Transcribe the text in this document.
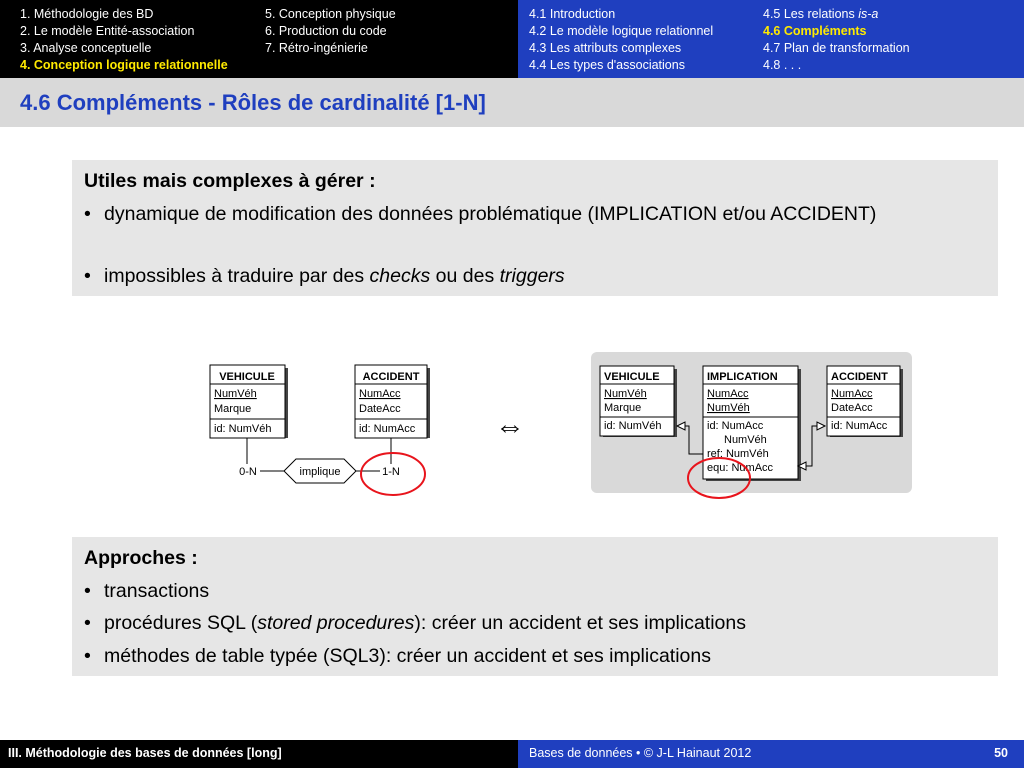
1. Méthodologie des BD
2. Le modèle Entité-association
3. Analyse conceptuelle
4. Conception logique relationnelle
5. Conception physique
6. Production du code
7. Rétro-ingénierie
4.1 Introduction
4.2 Le modèle logique relationnel
4.3 Les attributs complexes
4.4 Les types d'associations
4.5 Les relations is-a
4.6 Compléments
4.7 Plan de transformation
4.8 . . .
4.6 Compléments - Rôles de cardinalité [1-N]
Utiles mais complexes à gérer :
• dynamique de modification des données problématique (IMPLICATION et/ou ACCIDENT)
• impossibles à traduire par des checks ou des triggers
VEHICULE
NumVéh
Marque
id: NumVéh
ACCIDENT
NumAcc
DateAcc
id: NumAcc
implique
0-N	1-N
⇔
VEHICULE
NumVéh
Marque
id: NumVéh
IMPLICATION
NumAcc
NumVéh
id: NumAcc
NumVéh
ref: NumVéh
equ: NumAcc
ACCIDENT
NumAcc
DateAcc
id: NumAcc
Approches :
• transactions
• procédures SQL (stored procedures): créer un accident et ses implications
• méthodes de table typée (SQL3): créer un accident et ses implications
III. Méthodologie des bases de données [long]	Bases de données • © J-L Hainaut 2012	50
